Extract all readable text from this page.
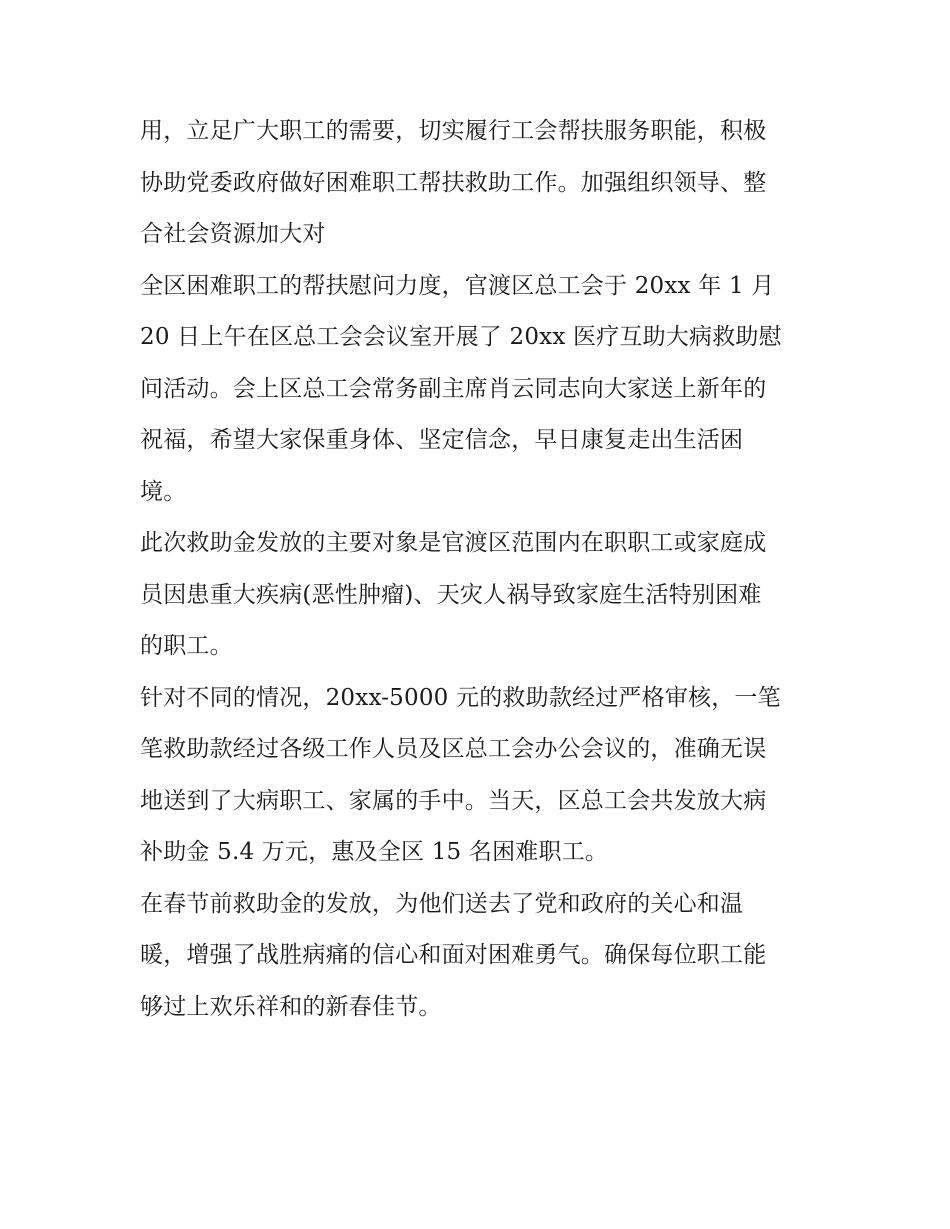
用，立足广大职工的需要，切实履行工会帮扶服务职能，积极
协助党委政府做好困难职工帮扶救助工作。加强组织领导、整
合社会资源加大对
全区困难职工的帮扶慰问力度，官渡区总工会于 20xx 年 1 月
20 日上午在区总工会会议室开展了 20xx 医疗互助大病救助慰
问活动。会上区总工会常务副主席肖云同志向大家送上新年的
祝福，希望大家保重身体、坚定信念，早日康复走出生活困
境。
此次救助金发放的主要对象是官渡区范围内在职职工或家庭成
员因患重大疾病(恶性肿瘤)、天灾人祸导致家庭生活特别困难
的职工。
针对不同的情况，20xx-5000 元的救助款经过严格审核，一笔
笔救助款经过各级工作人员及区总工会办公会议的，准确无误
地送到了大病职工、家属的手中。当天，区总工会共发放大病
补助金 5.4 万元，惠及全区 15 名困难职工。
在春节前救助金的发放，为他们送去了党和政府的关心和温
暖，增强了战胜病痛的信心和面对困难勇气。确保每位职工能
够过上欢乐祥和的新春佳节。
